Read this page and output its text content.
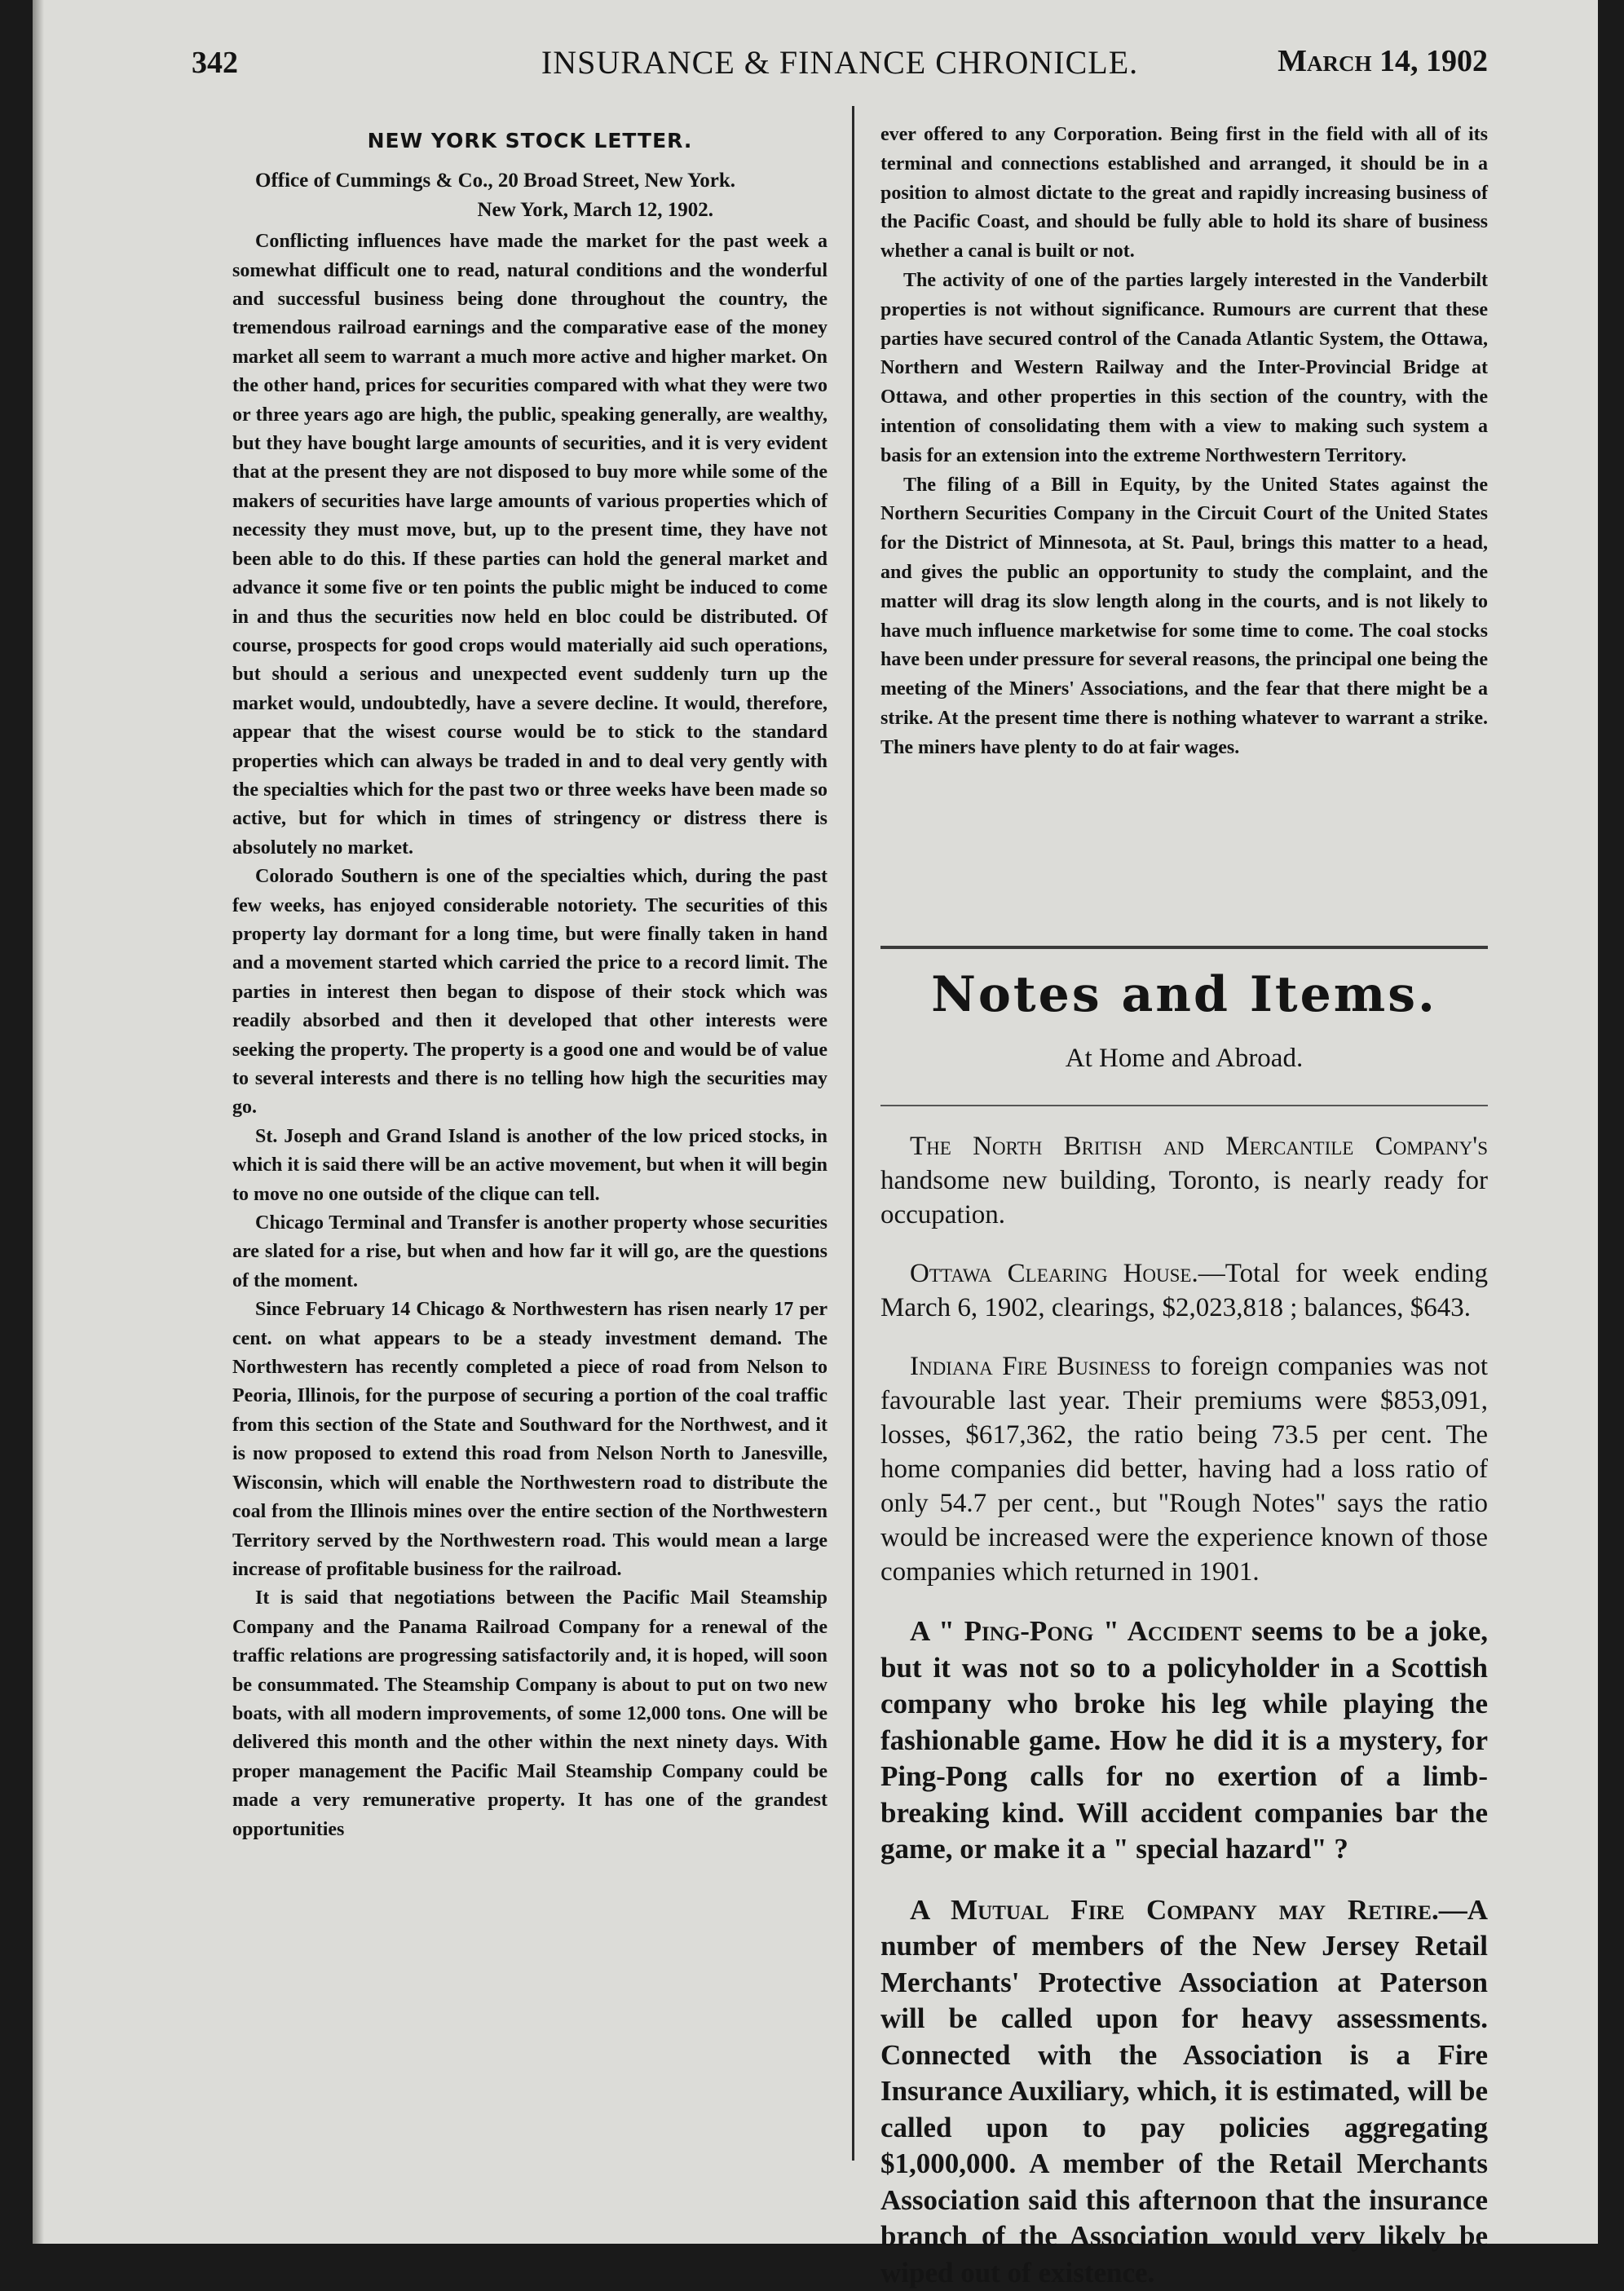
342	INSURANCE & FINANCE CHRONICLE.	March 14, 1902

NEW YORK STOCK LETTER.

Office of Cummings & Co., 20 Broad Street, New York.

New York, March 12, 1902.

Conflicting influences have made the market for the past week a somewhat difficult one to read, natural conditions and the wonderful and successful business being done throughout the country, the tremendous railroad earnings and the comparative ease of the money market all seem to warrant a much more active and higher market. On the other hand, prices for securities compared with what they were two or three years ago are high, the public, speaking generally, are wealthy, but they have bought large amounts of securities, and it is very evident that at the present they are not disposed to buy more while some of the makers of securities have large amounts of various properties which of necessity they must move, but, up to the present time, they have not been able to do this. If these parties can hold the general market and advance it some five or ten points the public might be induced to come in and thus the securities now held en bloc could be distributed. Of course, prospects for good crops would materially aid such operations, but should a serious and unexpected event suddenly turn up the market would, undoubtedly, have a severe decline. It would, therefore, appear that the wisest course would be to stick to the standard properties which can always be traded in and to deal very gently with the specialties which for the past two or three weeks have been made so active, but for which in times of stringency or distress there is absolutely no market.

Colorado Southern is one of the specialties which, during the past few weeks, has enjoyed considerable notoriety. The securities of this property lay dormant for a long time, but were finally taken in hand and a movement started which carried the price to a record limit. The parties in interest then began to dispose of their stock which was readily absorbed and then it developed that other interests were seeking the property. The property is a good one and would be of value to several interests and there is no telling how high the securities may go.

St. Joseph and Grand Island is another of the low priced stocks, in which it is said there will be an active movement, but when it will begin to move no one outside of the clique can tell.

Chicago Terminal and Transfer is another property whose securities are slated for a rise, but when and how far it will go, are the questions of the moment.

Since February 14 Chicago & Northwestern has risen nearly 17 per cent. on what appears to be a steady investment demand. The Northwestern has recently completed a piece of road from Nelson to Peoria, Illinois, for the purpose of securing a portion of the coal traffic from this section of the State and Southward for the Northwest, and it is now proposed to extend this road from Nelson North to Janesville, Wisconsin, which will enable the Northwestern road to distribute the coal from the Illinois mines over the entire section of the Northwestern Territory served by the Northwestern road. This would mean a large increase of profitable business for the railroad.

It is said that negotiations between the Pacific Mail Steamship Company and the Panama Railroad Company for a renewal of the traffic relations are progressing satisfactorily and, it is hoped, will soon be consummated. The Steamship Company is about to put on two new boats, with all modern improvements, of some 12,000 tons. One will be delivered this month and the other within the next ninety days. With proper management the Pacific Mail Steamship Company could be made a very remunerative property. It has one of the grandest opportunities

ever offered to any Corporation. Being first in the field with all of its terminal and connections established and arranged, it should be in a position to almost dictate to the great and rapidly increasing business of the Pacific Coast, and should be fully able to hold its share of business whether a canal is built or not.

The activity of one of the parties largely interested in the Vanderbilt properties is not without significance. Rumours are current that these parties have secured control of the Canada Atlantic System, the Ottawa, Northern and Western Railway and the Inter-Provincial Bridge at Ottawa, and other properties in this section of the country, with the intention of consolidating them with a view to making such system a basis for an extension into the extreme Northwestern Territory.

The filing of a Bill in Equity, by the United States against the Northern Securities Company in the Circuit Court of the United States for the District of Minnesota, at St. Paul, brings this matter to a head, and gives the public an opportunity to study the complaint, and the matter will drag its slow length along in the courts, and is not likely to have much influence marketwise for some time to come. The coal stocks have been under pressure for several reasons, the principal one being the meeting of the Miners' Associations, and the fear that there might be a strike. At the present time there is nothing whatever to warrant a strike. The miners have plenty to do at fair wages.

Notes and Items.
At Home and Abroad.

The North British and Mercantile Company's handsome new building, Toronto, is nearly ready for occupation.

Ottawa Clearing House.—Total for week ending March 6, 1902, clearings, $2,023,818 ; balances, $643.

Indiana Fire Business to foreign companies was not favourable last year. Their premiums were $853,091, losses, $617,362, the ratio being 73.5 per cent. The home companies did better, having had a loss ratio of only 54.7 per cent., but "Rough Notes" says the ratio would be increased were the experience known of those companies which returned in 1901.

A " Ping-Pong " Accident seems to be a joke, but it was not so to a policyholder in a Scottish company who broke his leg while playing the fashionable game. How he did it is a mystery, for Ping-Pong calls for no exertion of a limb-breaking kind. Will accident companies bar the game, or make it a " special hazard" ?

A Mutual Fire Company may Retire.—A number of members of the New Jersey Retail Merchants' Protective Association at Paterson will be called upon for heavy assessments. Connected with the Association is a Fire Insurance Auxiliary, which, it is estimated, will be called upon to pay policies aggregating $1,000,000. A member of the Retail Merchants Association said this afternoon that the insurance branch of the Association would very likely be wiped out of existence.
